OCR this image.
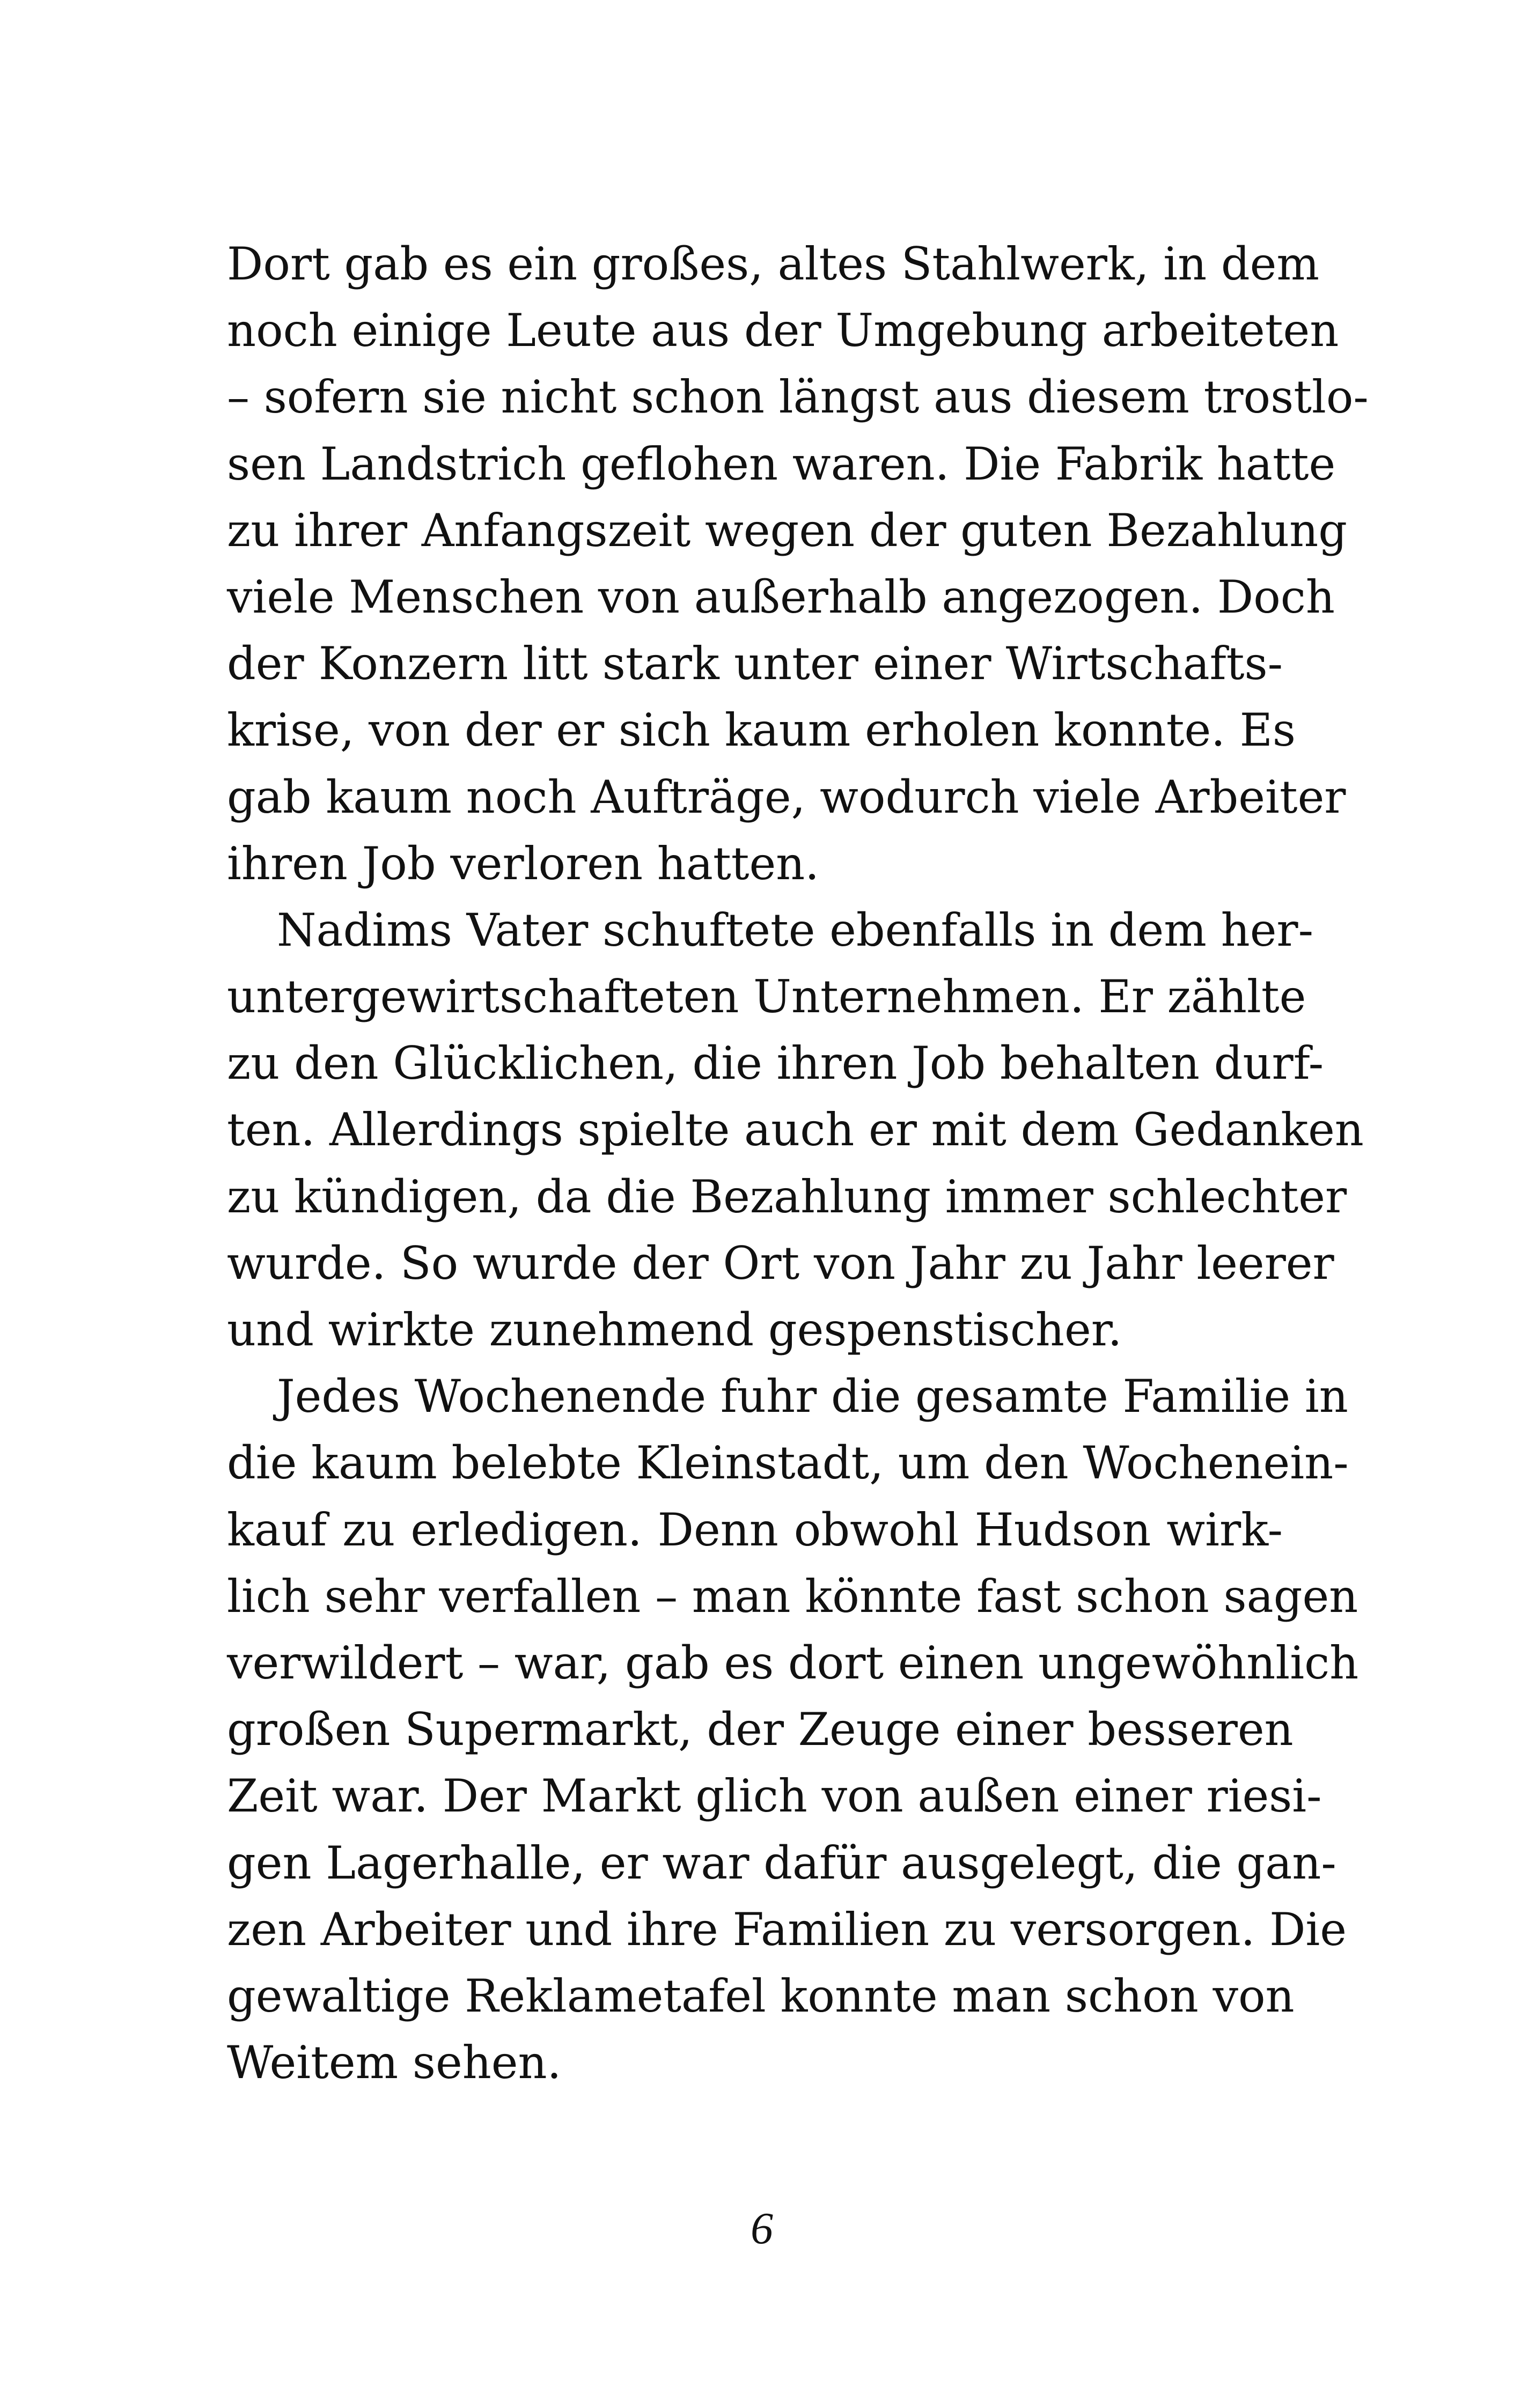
Dort gab es ein großes, altes Stahlwerk, in dem
noch einige Leute aus der Umgebung arbeiteten
– sofern sie nicht schon längst aus diesem trostlo-
sen Landstrich geflohen waren. Die Fabrik hatte
zu ihrer Anfangszeit wegen der guten Bezahlung
viele Menschen von außerhalb angezogen. Doch
der Konzern litt stark unter einer Wirtschafts-
krise, von der er sich kaum erholen konnte. Es
gab kaum noch Aufträge, wodurch viele Arbeiter
ihren Job verloren hatten.
Nadims Vater schuftete ebenfalls in dem her-
untergewirtschafteten Unternehmen. Er zählte
zu den Glücklichen, die ihren Job behalten durf-
ten. Allerdings spielte auch er mit dem Gedanken
zu kündigen, da die Bezahlung immer schlechter
wurde. So wurde der Ort von Jahr zu Jahr leerer
und wirkte zunehmend gespenstischer.
Jedes Wochenende fuhr die gesamte Familie in
die kaum belebte Kleinstadt, um den Wochenein-
kauf zu erledigen. Denn obwohl Hudson wirk-
lich sehr verfallen – man könnte fast schon sagen
verwildert – war, gab es dort einen ungewöhnlich
großen Supermarkt, der Zeuge einer besseren
Zeit war. Der Markt glich von außen einer riesi-
gen Lagerhalle, er war dafür ausgelegt, die gan-
zen Arbeiter und ihre Familien zu versorgen. Die
gewaltige Reklametafel konnte man schon von
Weitem sehen.
6
